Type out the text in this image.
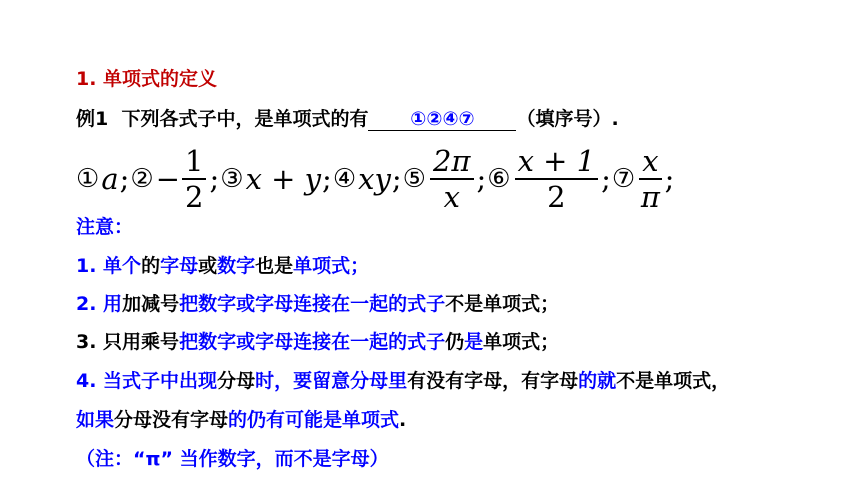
1. 单项式的定义
例1 下列各式子中，是单项式的有 ①②④⑦ （填序号）.
① a ; ② − $\frac{1}{2}$ ; ③ x + y ; ④ xy ; ⑤ $\frac{2\pi}{x}$ ; ⑥ $\frac{x + 1}{2}$ ; ⑦ $\frac{x}{\pi}$ ;
注意：
1. 单个的字母或数字也是单项式；
2. 用加减号把数字或字母连接在一起的式子不是单项式；
3. 只用乘号把数字或字母连接在一起的式子仍是单项式；
4. 当式子中出现分母时，要留意分母里有没有字母，有字母的就不是单项式，
如果分母没有字母的仍有可能是单项式.
（注：“π” 当作数字，而不是字母）
